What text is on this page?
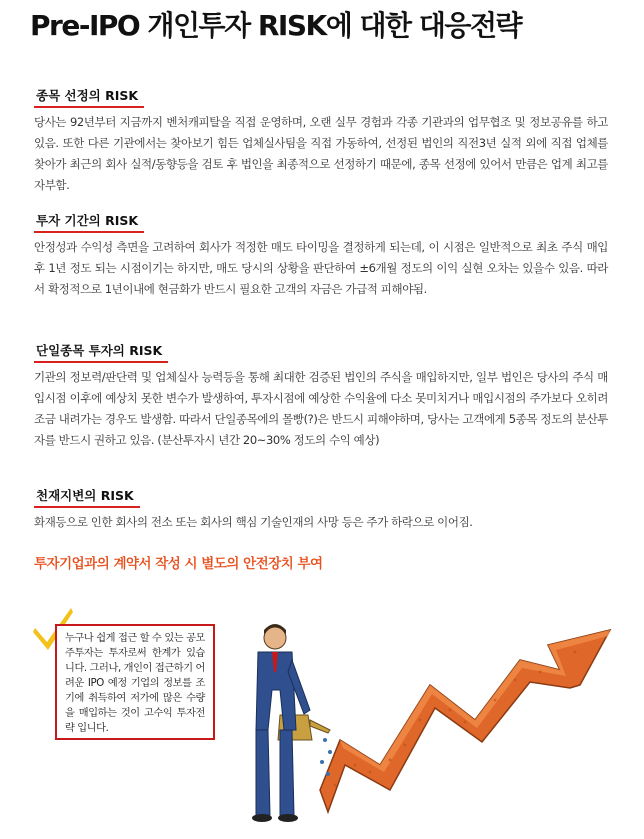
Pre-IPO 개인투자 RISK에 대한 대응전략
종목 선정의 RISK

당사는 92년부터 지금까지 벤처캐피탈을 직접 운영하며, 오랜 실무 경험과 각종 기관과의 업무협조 및 정보공유를 하고 있음. 또한 다른 기관에서는 찾아보기 힘든 업체실사팀을 직접 가동하여, 선정된 법인의 직전3년 실적 외에 직접 업체를 찾아가 최근의 회사 실적/동향등을 검토 후 법인을 최종적으로 선정하기 때문에, 종목 선정에 있어서 만큼은 업계 최고를 자부함.

투자 기간의 RISK

안정성과 수익성 측면을 고려하여 회사가 적정한 매도 타이밍을 결정하게 되는데, 이 시점은 일반적으로 최초 주식 매입후 1년 정도 되는 시점이기는 하지만, 매도 당시의 상황을 판단하여 ±6개월 정도의 이익 실현 오차는 있을수 있음. 따라서 확정적으로 1년이내에 현금화가 반드시 필요한 고객의 자금은 가급적 피해야됨.

단일종목 투자의 RISK

기관의 정보력/판단력 및 업체실사 능력등을 통해 최대한 검증된 법인의 주식을 매입하지만, 일부 법인은 당사의 주식 매입시점 이후에 예상치 못한 변수가 발생하여, 투자시점에 예상한 수익율에 다소 못미치거나 매입시점의 주가보다 오히려 조금 내려가는 경우도 발생함. 따라서 단일종목에의 몰빵(?)은 반드시 피해야하며, 당사는 고객에게 5종목 정도의 분산투자를 반드시 권하고 있음. (분산투자시 년간 20~30% 정도의 수익 예상)

천재지변의 RISK

화재등으로 인한 회사의 전소 또는 회사의 핵심 기술인재의 사망 등은 주가 하락으로 이어짐.

투자기업과의 계약서 작성 시 별도의 안전장치 부여
누구나 쉽게 접근 할 수 있는 공모주투자는 투자로써 한계가 있습니다. 그러나, 개인이 접근하기 어려운 IPO 예정 기업의 정보를 조기에 취득하여 저가에 많은 수량을 매입하는 것이 고수익 투자전략 입니다.
